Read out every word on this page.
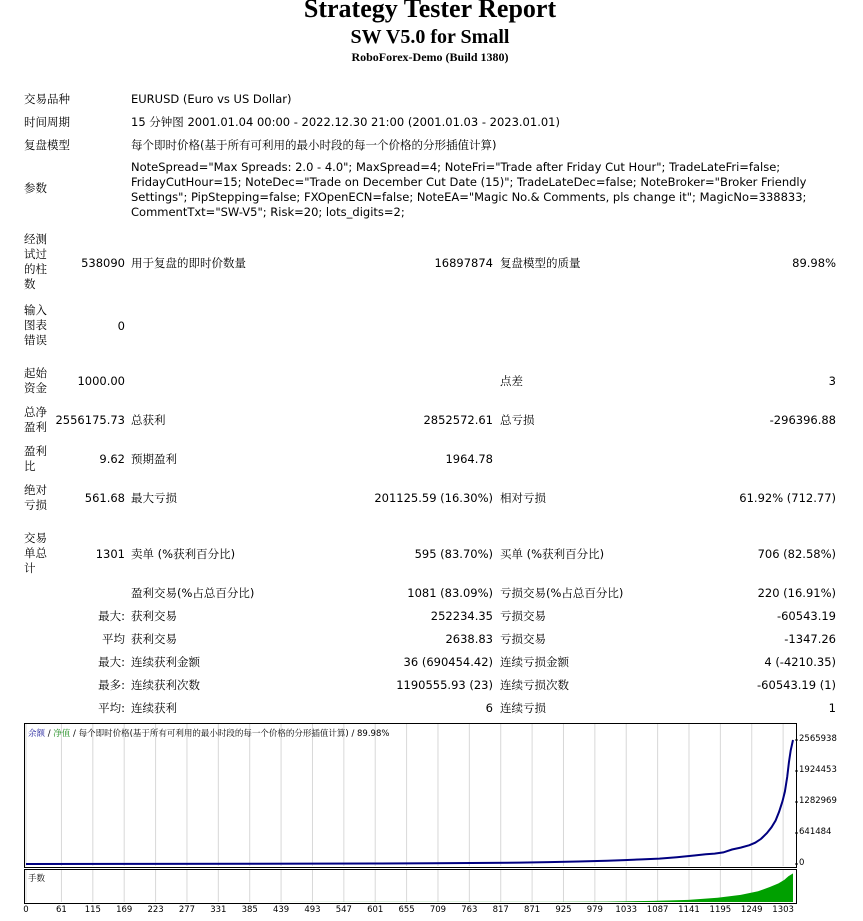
Strategy Tester Report
SW V5.0 for Small
RoboForex-Demo (Build 1380)
交易品种	EURUSD (Euro vs US Dollar)
时间周期	15 分钟图 2001.01.04 00:00 - 2022.12.30 21:00 (2001.01.03 - 2023.01.01)
复盘模型	每个即时价格(基于所有可利用的最小时段的每一个价格的分形插值计算)
参数
NoteSpread="Max Spreads: 2.0 - 4.0"; MaxSpread=4; NoteFri="Trade after Friday Cut Hour"; TradeLateFri=false; FridayCutHour=15; NoteDec="Trade on December Cut Date (15)"; TradeLateDec=false; NoteBroker="Broker Friendly Settings"; PipStepping=false; FXOpenECN=false; NoteEA="Magic No.& Comments, pls change it"; MagicNo=338833; CommentTxt="SW-V5"; Risk=20; lots_digits=2;
经测试过的柱数
538090 用于复盘的即时价数量	16897874 复盘模型的质量	89.98%
输入图表错误
0
起始资金	1000.00	点差	3
总净盈利 2556175.73 总获利	2852572.61 总亏损	-296396.88
盈利比	9.62 预期盈利	1964.78
绝对亏损	561.68 最大亏损	201125.59 (16.30%) 相对亏损	61.92% (712.77)
交易单总计
1301 卖单 (%获利百分比)	595 (83.70%) 买单 (%获利百分比)	706 (82.58%)
盈利交易(%占总百分比)	1081 (83.09%) 亏损交易(%占总百分比)	220 (16.91%)
最大: 获利交易	252234.35 亏损交易	-60543.19
平均 获利交易	2638.83 亏损交易	-1347.26
最大: 连续获利金额	36 (690454.42) 连续亏损金额	4 (-4210.35)
最多: 连续获利次数	1190555.93 (23) 连续亏损次数	-60543.19 (1)
平均: 连续获利	6 连续亏损	1
余额 / 净值 / 每个即时价格(基于所有可利用的最小时段的每一个价格的分形插值计算) / 89.98%
手数
2565938
1924453
1282969
641484
0
0	61 115 169 223 277 331 385 439 493 547 601 655 709 763 817 871 925 979 1033 1087 1141 1195 1249 1303
